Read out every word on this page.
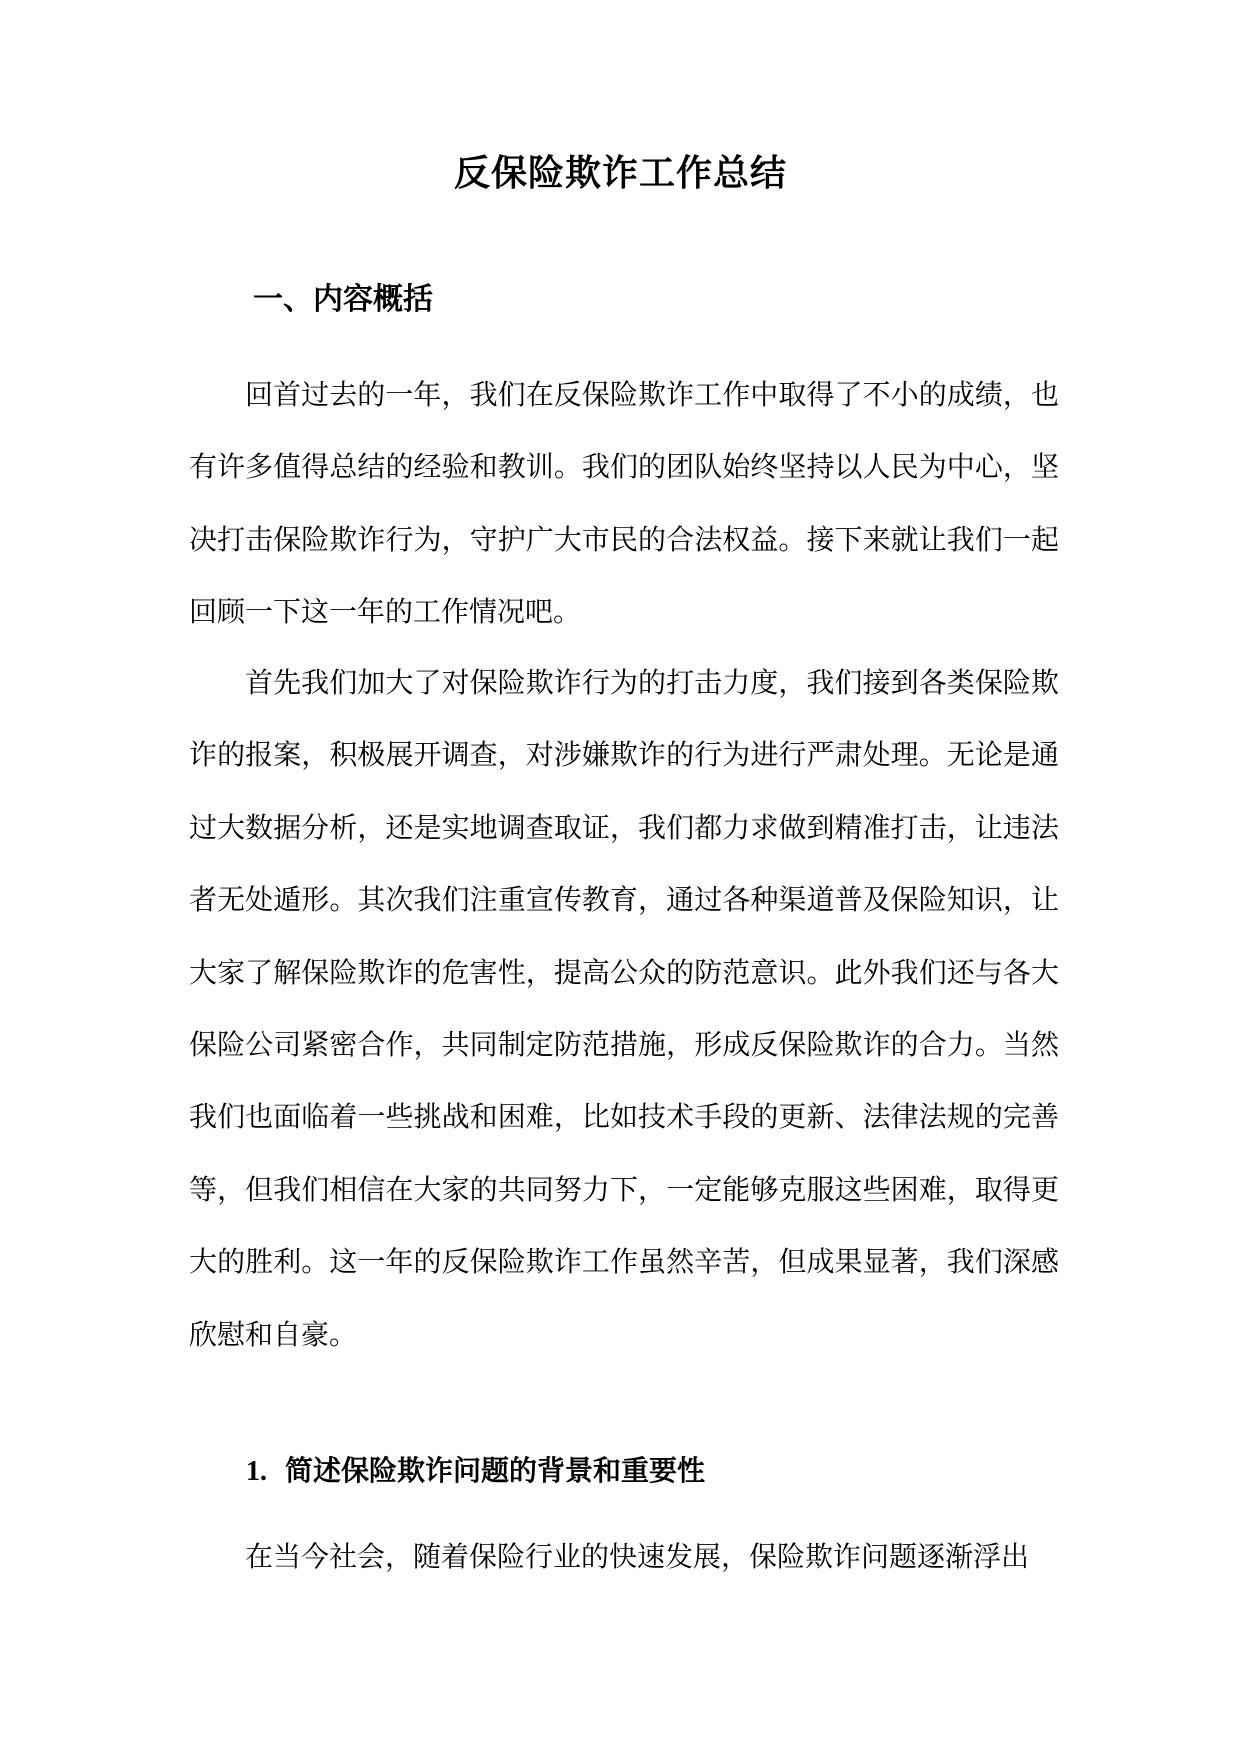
反保险欺诈工作总结
一、内容概括

回首过去的一年，我们在反保险欺诈工作中取得了不小的成绩，也有许多值得总结的经验和教训。我们的团队始终坚持以人民为中心，坚决打击保险欺诈行为，守护广大市民的合法权益。接下来就让我们一起回顾一下这一年的工作情况吧。

首先我们加大了对保险欺诈行为的打击力度，我们接到各类保险欺诈的报案，积极展开调查，对涉嫌欺诈的行为进行严肃处理。无论是通过大数据分析，还是实地调查取证，我们都力求做到精准打击，让违法者无处遁形。其次我们注重宣传教育，通过各种渠道普及保险知识，让大家了解保险欺诈的危害性，提高公众的防范意识。此外我们还与各大保险公司紧密合作，共同制定防范措施，形成反保险欺诈的合力。当然我们也面临着一些挑战和困难，比如技术手段的更新、法律法规的完善等，但我们相信在大家的共同努力下，一定能够克服这些困难，取得更大的胜利。这一年的反保险欺诈工作虽然辛苦，但成果显著，我们深感欣慰和自豪。

1. 简述保险欺诈问题的背景和重要性

在当今社会，随着保险行业的快速发展，保险欺诈问题逐渐浮出
